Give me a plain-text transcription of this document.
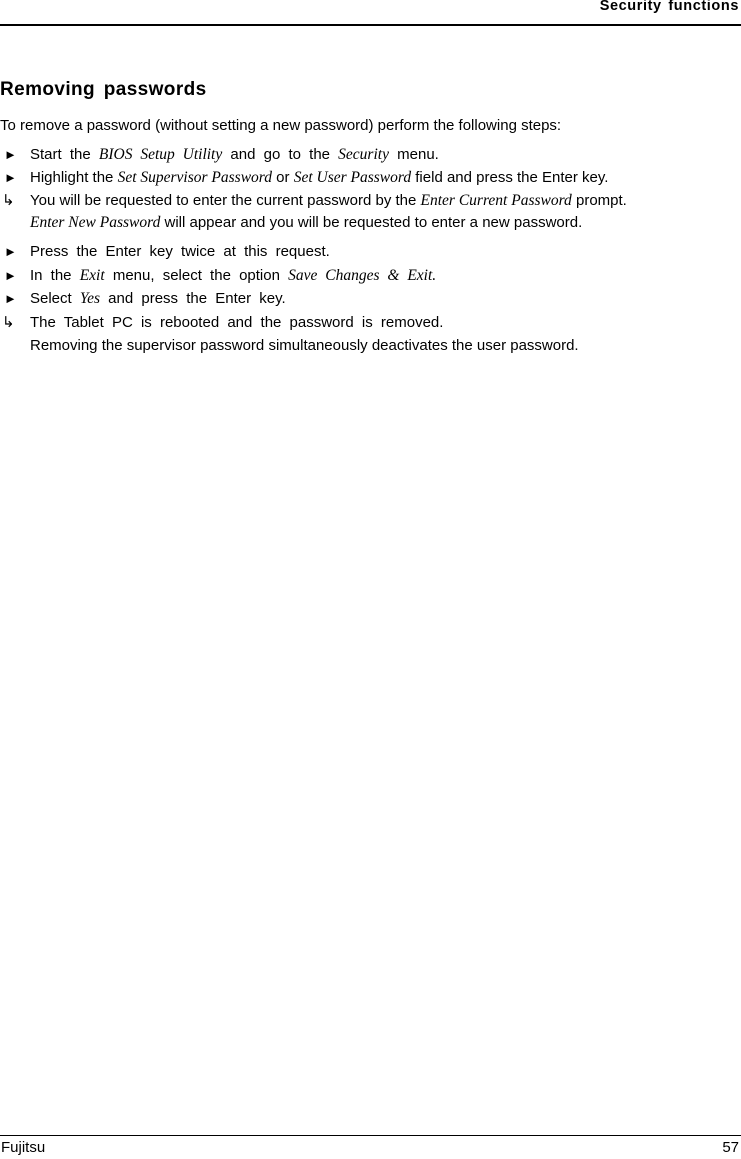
Security functions
Removing passwords
To remove a password (without setting a new password) perform the following steps:
► Start the BIOS Setup Utility and go to the Security menu.
► Highlight the Set Supervisor Password or Set User Password field and press the Enter key.
↳ You will be requested to enter the current password by the Enter Current Password prompt.
Enter New Password will appear and you will be requested to enter a new password.
► Press the Enter key twice at this request.
► In the Exit menu, select the option Save Changes & Exit.
► Select Yes and press the Enter key.
↳ The Tablet PC is rebooted and the password is removed.
Removing the supervisor password simultaneously deactivates the user password.
Fujitsu	57
